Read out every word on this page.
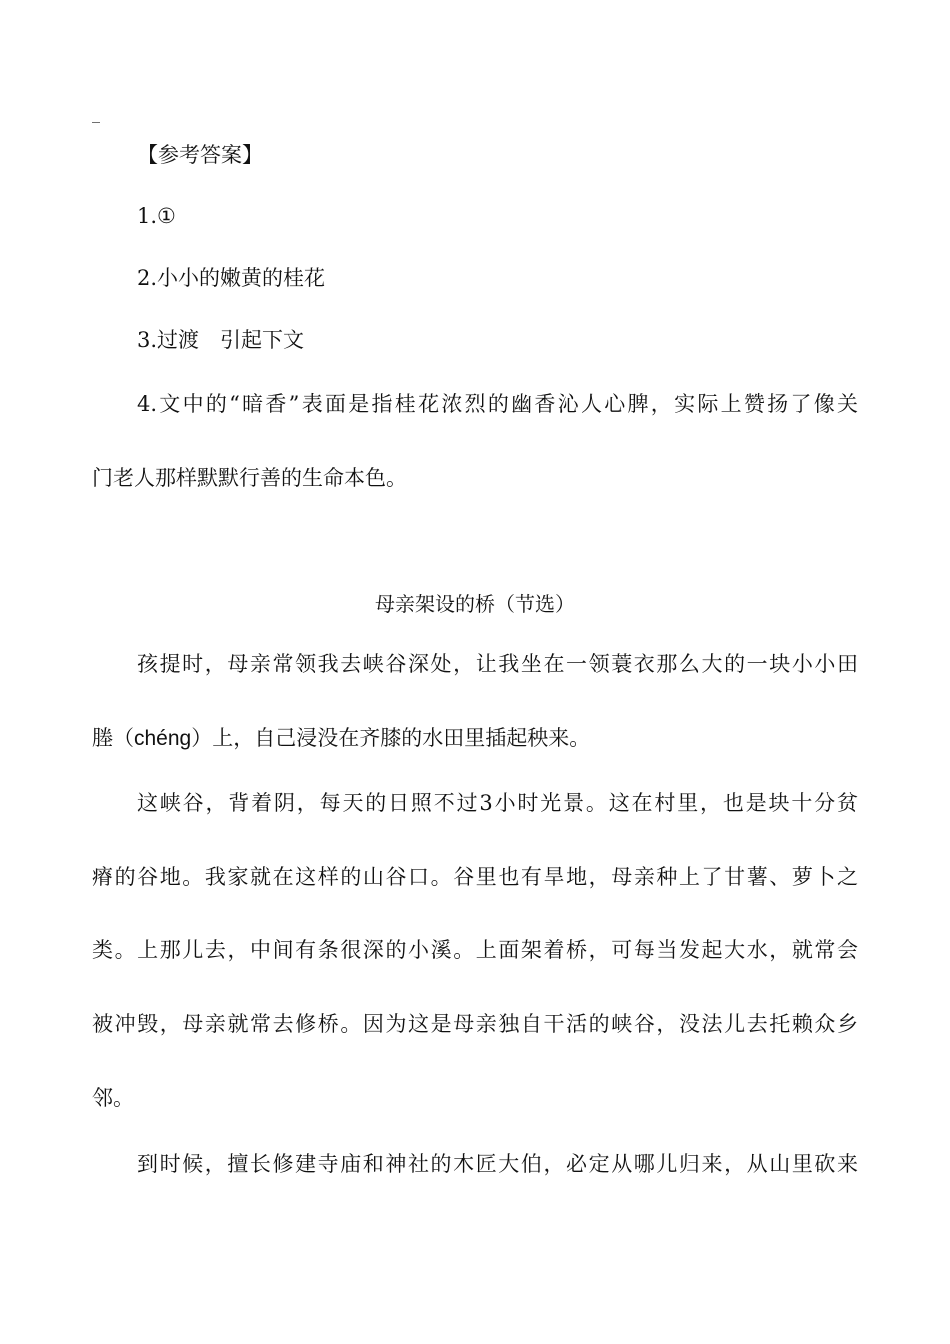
_
【参考答案】
1.①
2.小小的嫩黄的桂花
3.过渡　引起下文
4.文中的“暗香”表面是指桂花浓烈的幽香沁人心脾，实际上赞扬了像关
门老人那样默默行善的生命本色。
母亲架设的桥（节选）
孩提时，母亲常领我去峡谷深处，让我坐在一领蓑衣那么大的一块小小田
塍（chéng）上，自己浸没在齐膝的水田里插起秧来。
这峡谷，背着阴，每天的日照不过3小时光景。这在村里，也是块十分贫
瘠的谷地。我家就在这样的山谷口。谷里也有旱地，母亲种上了甘薯、萝卜之
类。上那儿去，中间有条很深的小溪。上面架着桥，可每当发起大水，就常会
被冲毁，母亲就常去修桥。因为这是母亲独自干活的峡谷，没法儿去托赖众乡
邻。
到时候，擅长修建寺庙和神社的木匠大伯，必定从哪儿归来，从山里砍来
